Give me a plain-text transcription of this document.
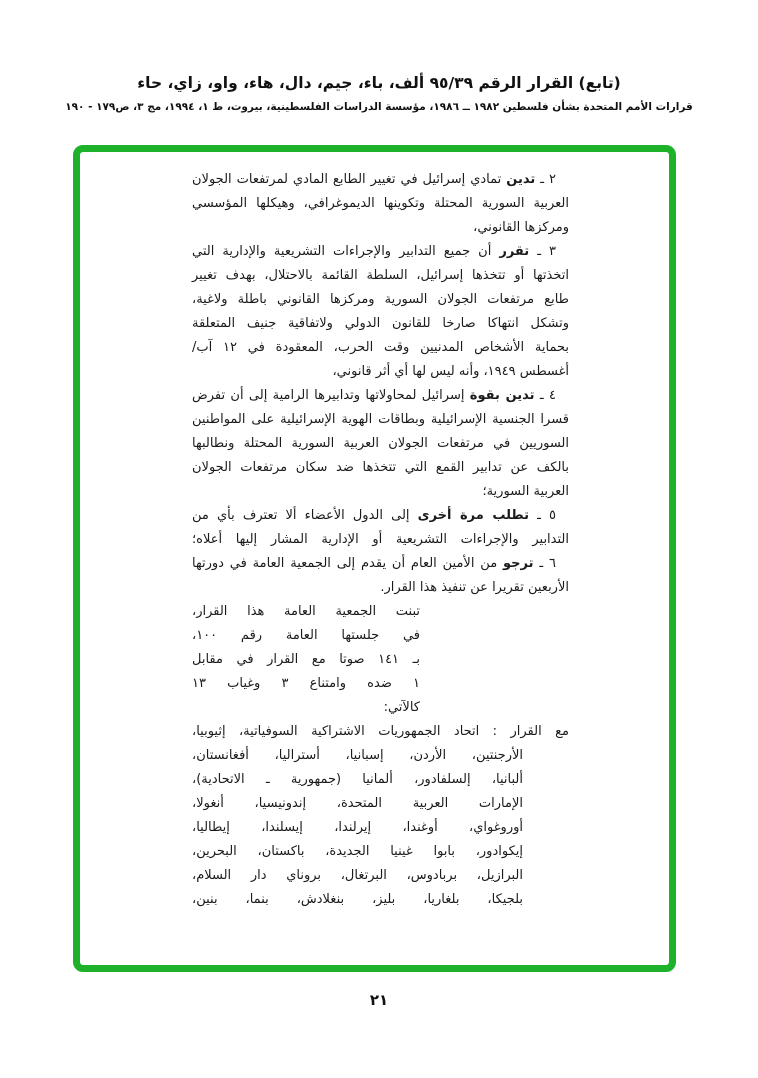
(تابع) القرار الرقم ٩٥/٣٩ ألف، باء، جيم، دال، هاء، واو، زاي، حاء
قرارات الأمم المتحدة بشأن فلسطين ١٩٨٢ ــ ١٩٨٦، مؤسسة الدراسات الفلسطينية، بيروت، ط ١، ١٩٩٤، مج ٣، ص١٧٩ - ١٩٠
٢ ـ تدين تمادي إسرائيل في تغيير الطابع المادي لمرتفعات الجولان
العربية السورية المحتلة وتكوينها الديموغرافي، وهيكلها المؤسسي
ومركزها القانوني،
٣ ـ تقرر أن جميع التدابير والإجراءات التشريعية والإدارية التي
اتخذتها أو تتخذها إسرائيل، السلطة القائمة بالاحتلال، بهدف تغيير
طابع مرتفعات الجولان السورية ومركزها القانوني باطلة ولاغية،
وتشكل انتهاكا صارخا للقانون الدولي ولاتفاقية جنيف المتعلقة
بحماية الأشخاص المدنيين وقت الحرب، المعقودة في ١٢ آب/
أغسطس ١٩٤٩، وأنه ليس لها أي أثر قانوني،
٤ ـ تدين بقوة إسرائيل لمحاولاتها وتدابيرها الرامية إلى أن تفرض
قسرا الجنسية الإسرائيلية وبطاقات الهوية الإسرائيلية على المواطنين
السوريين في مرتفعات الجولان العربية السورية المحتلة ونطالبها
بالكف عن تدابير القمع التي تتخذها ضد سكان مرتفعات الجولان
العربية السورية؛
٥ ـ تطلب مرة أخرى إلى الدول الأعضاء ألا تعترف بأي من
التدابير والإجراءات التشريعية أو الإدارية المشار إليها أعلاه؛
٦ ـ ترجو من الأمين العام أن يقدم إلى الجمعية العامة في دورتها
الأربعين تقريرا عن تنفيذ هذا القرار.
تبنت الجمعية العامة هذا القرار،
في جلستها العامة رقم ١٠٠،
بـ ١٤١ صوتا مع القرار في مقابل
١ ضده وامتناع ٣ وغياب ١٣
كالآتي:
مع القرار : اتحاد الجمهوريات الاشتراكية السوفياتية، إثيوبيا،
الأرجنتين، الأردن، إسبانيا، أستراليا، أفغانستان،
ألبانيا، إلسلفادور، ألمانيا (جمهورية ـ الاتحادية)،
الإمارات العربية المتحدة، إندونيسيا، أنغولا،
أوروغواي، أوغندا، إيرلندا، إيسلندا، إيطاليا،
إيكوادور، بابوا غينيا الجديدة، باكستان، البحرين،
البرازيل، بربادوس، البرتغال، بروناي دار السلام،
بلجيكا، بلغاريا، بليز، بنغلادش، بنما، بنين،
٢١
